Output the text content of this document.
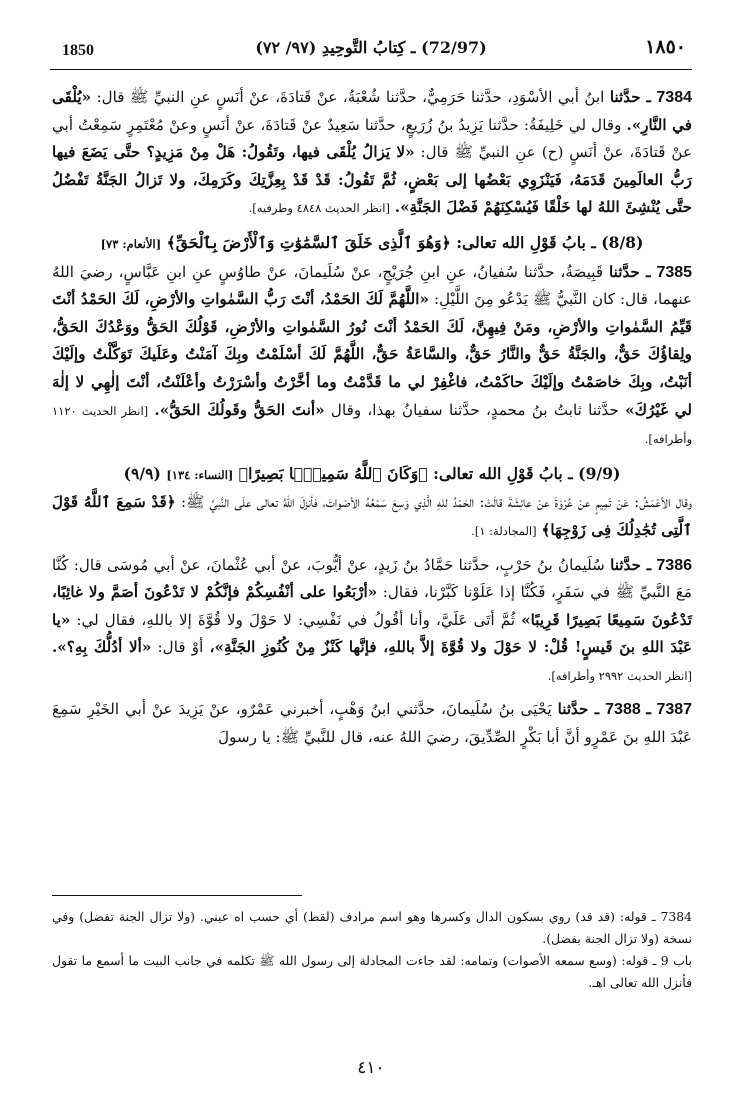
1850	(72/97) ـ كِتابُ التَّوحِيدِ (٩٧/ ٧٢)	١٨٥٠

7384 ـ حدَّثنا ابنُ أبي الأسْوَدِ، حدَّثنا حَرَمِيٌّ، حدَّثنا شُعْبَةُ، عنْ قَتادَةَ، عنْ أنَسٍ عنِ النبيِّ ﷺ قال: «يُلْقَى في النَّارِ». وقال لي خَلِيفَةُ: حدَّثنا يَزِيدُ بنُ زُرَيعٍ، حدَّثنا سَعِيدٌ عنْ قَتادَةَ، عنْ أنَسٍ وعنْ مُعْتَمِرٍ سَمِعْتُ أبي عنْ قَتادَةَ، عنْ أنَسٍ (ح) عنِ النبيِّ ﷺ قال: «لا يَزالُ يُلْقَى فيها، وتَقُولُ: هَلْ مِنْ مَزِيدٍ؟ حتَّى يَضَعَ فيها رَبُّ العالَمِينَ قَدَمَهُ، فَيَنْزَوِي بَعْضُها إلى بَعْضٍ، ثُمَّ تَقُولُ: قَدْ قَدْ بِعِزَّتِكَ وكَرَمِكَ، ولا تَزالُ الجَنَّةُ تَفْضُلُ حتَّى يُنْشِئَ اللهُ لها خَلْقًا فَيُسْكِنَهُمْ فَضْلَ الجَنَّةِ». [انظر الحديث ٤٨٤٨ وطرفيه].

(8/8) ـ بابُ قَوْلِ الله تعالى: ﴿وَهُوَ ٱلَّذِى خَلَقَ ٱلسَّمَٰوَٰتِ وَٱلْأَرْضَ بِٱلْحَقِّ﴾ [الأنعام: ٧٣]

7385 ـ حدَّثنا قَبِيصَةُ، حدَّثنا سُفيانُ، عنِ ابنِ جُرَيْجٍ، عنْ سُلَيمانَ، عنْ طاوُسٍ عنِ ابنِ عَبَّاسٍ، رضيَ اللهُ عنهما، قال: كان النَّبيُّ ﷺ يَدْعُو مِنَ اللَّيْلِ: «اللَّهُمَّ لَكَ الحَمْدُ، أنْتَ رَبُّ السَّمٰواتِ والأرْضِ، لَكَ الحَمْدُ أنْتَ قَيِّمُ السَّمٰواتِ والأرْضِ، ومَنْ فِيهِنَّ، لَكَ الحَمْدُ أنْتَ نُورُ السَّمٰواتِ والأرْضِ، قَوْلُكَ الحَقُّ ووَعْدُكَ الحَقُّ، ولِقاؤُكَ حَقٌّ، والجَنَّةُ حَقٌّ والنَّارُ حَقٌّ، والسَّاعَةُ حَقٌّ، اللَّهُمَّ لَكَ أسْلَمْتُ وبِكَ آمَنْتُ وعَلَيكَ تَوَكَّلْتُ وإلَيْكَ أنَبْتُ، وبِكَ خاصَمْتُ وإلَيْكَ حاكَمْتُ، فاغْفِرْ لي ما قَدَّمْتُ وما أخَّرْتُ وأسْرَرْتُ وأعْلَنْتُ، أنْتَ إلٰهِي لا إلٰهَ لي غَيْرُكَ» حدَّثنا ثابتُ بنُ محمدٍ، حدَّثنا سفيانُ بهذا، وقال «أنتَ الحَقُّ وقَولُكَ الحَقُّ». [انظر الحديث ١١٢٠ وأطرافه].

(9/9) ـ بابُ قَوْلِ الله تعالى: ﴿وَكَانَ ٱللَّهُ سَمِيعًۢا بَصِيرًا﴾ [النساء: ١٣٤] (٩/٩)

وقال الأعْمَشُ: عَنْ تَمِيمٍ عنْ عُرْوَةَ عنْ عائِشَةَ قالَتْ: الحَمْدُ للهِ الَّذِي وَسِعَ سَمْعُهُ الأصْواتَ، فأنزلَ اللهُ تعالى علَى النَّبيِّ ﷺ: ﴿قَدْ سَمِعَ ٱللَّهُ قَوْلَ ٱلَّتِى تُجَٰدِلُكَ فِى زَوْجِهَا﴾ [المجادلة: ١].

7386 ـ حدَّثنا سُلَيمانُ بنُ حَرْبٍ، حدَّثنا حَمَّادُ بنُ زَيدٍ، عنْ أيُّوبَ، عنْ أبي عُثْمانَ، عنْ أبي مُوسَى قال: كُنَّا مَعَ النَّبيِّ ﷺ في سَفَرٍ، فَكُنَّا إذا عَلَوْنا كَبَّرْنا، فقال: «أرْبَعُوا على أنْفُسِكُمْ فإنَّكُمْ لا تَدْعُونَ أصَمَّ ولا غائِبًا، تَدْعُونَ سَمِيعًا بَصِيرًا قَرِيبًا» ثُمَّ أتَى عَلَيَّ، وأنا أقُولُ في نَفْسِي: لا حَوْلَ ولا قُوَّةَ إلا باللهِ، فقال لي: «يا عَبْدَ اللهِ بنَ قَيسٍ! قُلْ: لا حَوْلَ ولا قُوَّةَ إلاَّ باللهِ، فإنَّها كَنْزٌ مِنْ كُنُوزِ الجَنَّةِ»، أوْ قال: «ألا أدُلُّكَ بِهِ؟». [انظر الحديث ٢٩٩٢ وأطرافه].

7387 ـ 7388 ـ حدَّثنا يَحْيَى بنُ سُلَيمانَ، حدَّثني ابنُ وَهْبٍ، أخبرني عَمْرٌو، عنْ يَزِيدَ عنْ أبي الخَيْرِ سَمِعَ عَبْدَ اللهِ بنَ عَمْرٍو أنَّ أبا بَكْرٍ الصِّدِّيقَ، رضيَ اللهُ عنه، قال للنَّبيِّ ﷺ: يا رسولَ

7384 ـ قوله: (قد قد) روي بسكون الدال وكسرها وهو اسم مرادف (لقط) أي حسب اه عيني. (ولا تزال الجنة تفضل) وفي نسخة (ولا تزال الجنة بفضل).

باب 9 ـ قوله: (وسع سمعه الأصوات) وتمامه: لقد جاءت المجادلة إلى رسول الله ﷺ تكلمه في جانب البيت ما أسمع ما تقول فأنزل الله تعالى اهـ.

٤١٠
